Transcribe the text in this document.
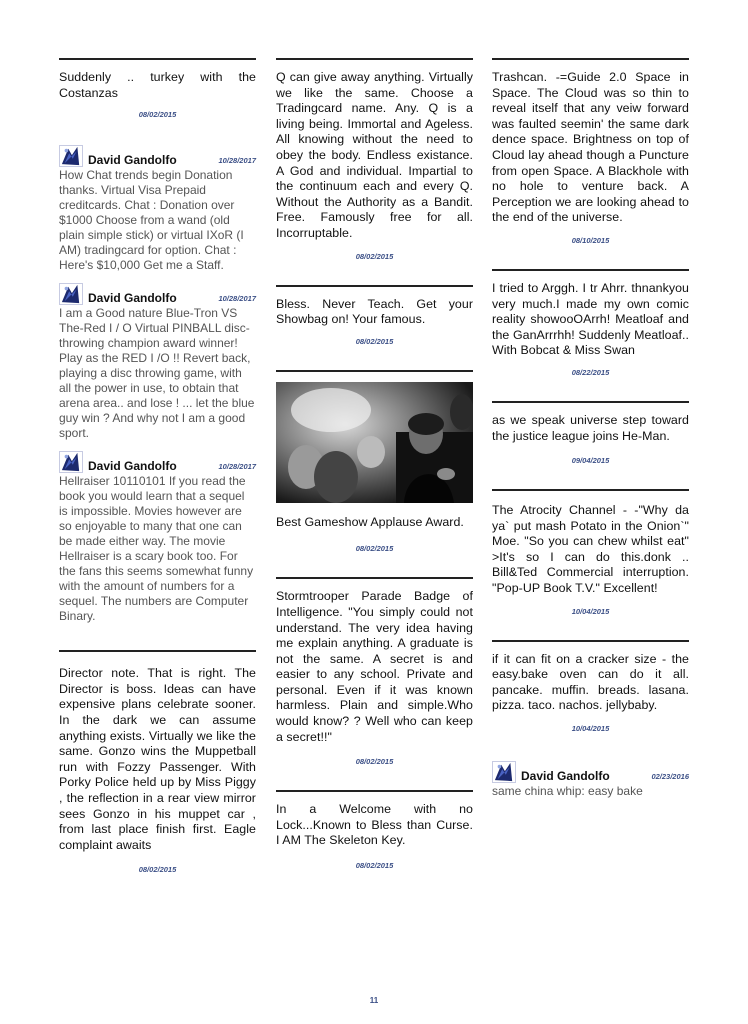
Suddenly .. turkey with the Costanzas
08/02/2015
David Gandolfo	10/28/2017
How Chat trends begin Donation thanks. Virtual Visa Prepaid creditcards. Chat : Donation over $1000 Choose from a wand (old plain simple stick) or virtual IXoR (I AM) tradingcard for option. Chat : Here's $10,000 Get me a Staff.
David Gandolfo	10/28/2017
I am a Good nature Blue-Tron VS The-Red I / O Virtual PINBALL disc-throwing champion award winner! Play as the RED I /O !! Revert back, playing a disc throwing game, with all the power in use, to obtain that arena area.. and lose ! ... let the blue guy win ? And why not I am a good sport.
David Gandolfo	10/28/2017
Hellraiser 10110101 If you read the book you would learn that a sequel is impossible. Movies however are so enjoyable to many that one can be made either way. The movie Hellraiser is a scary book too. For the fans this seems somewhat funny with the amount of numbers for a sequel. The numbers are Computer Binary.
Director note. That is right. The Director is boss. Ideas can have expensive plans celebrate sooner. In the dark we can assume anything exists. Virtually we like the same. Gonzo wins the Muppetball run with Fozzy Passenger. With Porky Police held up by Miss Piggy , the reflection in a rear view mirror sees Gonzo in his muppet car , from last place finish first. Eagle complaint awaits
08/02/2015
Q can give away anything. Virtually we like the same. Choose a Tradingcard name. Any. Q is a living being. Immortal and Ageless. All knowing without the need to obey the body. Endless existance. A God and individual. Impartial to the continuum each and every Q. Without the Authority as a Bandit. Free. Famously free for all. Incorruptable.
08/02/2015
Bless. Never Teach. Get your Showbag on! Your famous.
08/02/2015
Best Gameshow Applause Award.
08/02/2015
Stormtrooper Parade Badge of Intelligence. "You simply could not understand. The very idea having me explain anything. A graduate is not the same. A secret is and easier to any school. Private and personal. Even if it was known harmless. Plain and simple.Who would know? ? Well who can keep a secret!!"
08/02/2015
In a Welcome with no Lock...Known to Bless than Curse. I AM The Skeleton Key.
08/02/2015
Trashcan. -=Guide 2.0 Space in Space. The Cloud was so thin to reveal itself that any veiw forward was faulted seemin' the same dark dence space. Brightness on top of Cloud lay ahead though a Puncture from open Space. A Blackhole with no hole to venture back. A Perception we are looking ahead to the end of the universe.
08/10/2015
I tried to Arggh. I tr Ahrr. thnankyou very much.I made my own comic reality showooOArrh! Meatloaf and the GanArrrhh! Suddenly Meatloaf.. With Bobcat & Miss Swan
08/22/2015
as we speak universe step toward the justice league joins He-Man.
09/04/2015
The Atrocity Channel - -"Why da ya` put mash Potato in the Onion`" Moe. "So you can chew whilst eat" >It's so I can do this.donk .. Bill&Ted Commercial interruption. "Pop-UP Book T.V." Excellent!
10/04/2015
if it can fit on a cracker size - the easy.bake oven can do it all. pancake. muffin. breads. lasana. pizza. taco. nachos. jellybaby.
10/04/2015
David Gandolfo	02/23/2016
same china whip: easy bake
11
